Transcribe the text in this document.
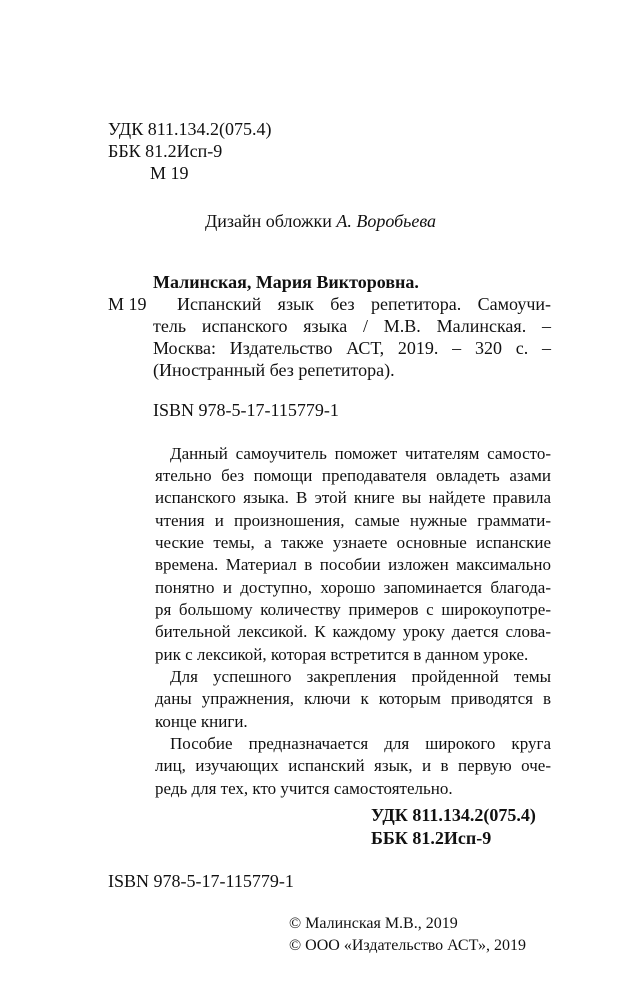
УДК 811.134.2(075.4)
ББК 81.2Исп-9
М 19
Дизайн обложки А. Воробьева
Малинская, Мария Викторовна.
М 19 Испанский язык без репетитора. Самоучи-
тель испанского языка / М.В. Малинская. –
Москва: Издательство АСТ, 2019. – 320 с. –
(Иностранный без репетитора).
ISBN 978-5-17-115779-1
Данный самоучитель поможет читателям самосто-
ятельно без помощи преподавателя овладеть азами
испанского языка. В этой книге вы найдете правила
чтения и произношения, самые нужные граммати-
ческие темы, а также узнаете основные испанские
времена. Материал в пособии изложен максимально
понятно и доступно, хорошо запоминается благода-
ря большому количеству примеров с широкоупотре-
бительной лексикой. К каждому уроку дается слова-
рик с лексикой, которая встретится в данном уроке.
Для успешного закрепления пройденной темы
даны упражнения, ключи к которым приводятся в
конце книги.
Пособие предназначается для широкого круга
лиц, изучающих испанский язык, и в первую оче-
редь для тех, кто учится самостоятельно.
УДК 811.134.2(075.4)
ББК 81.2Исп-9
ISBN 978-5-17-115779-1
© Малинская М.В., 2019
© ООО «Издательство АСТ», 2019
